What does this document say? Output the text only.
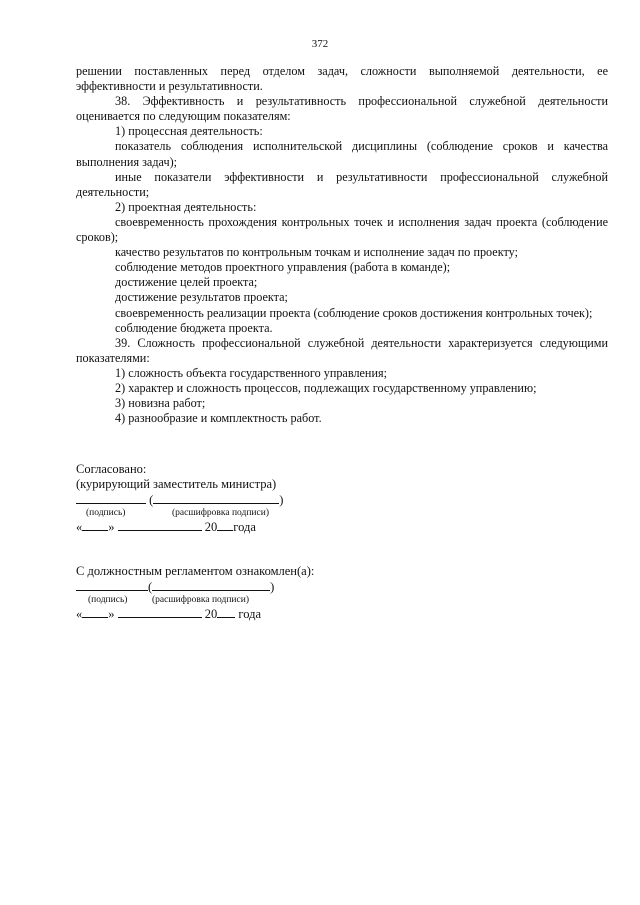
372

решении поставленных перед отделом задач, сложности выполняемой деятельности, ее эффективности и результативности.

38. Эффективность и результативность профессиональной служебной деятельности оценивается по следующим показателям:

1) процессная деятельность:

показатель соблюдения исполнительской дисциплины (соблюдение сроков и качества выполнения задач);

иные показатели эффективности и результативности профессиональной служебной деятельности;

2) проектная деятельность:

своевременность прохождения контрольных точек и исполнения задач проекта (соблюдение сроков);

качество результатов по контрольным точкам и исполнение задач по проекту;

соблюдение методов проектного управления (работа в команде);

достижение целей проекта;

достижение результатов проекта;

своевременность реализации проекта (соблюдение сроков достижения контрольных точек);

соблюдение бюджета проекта.

39. Сложность профессиональной служебной деятельности характеризуется следующими показателями:

1) сложность объекта государственного управления;

2) характер и сложность процессов, подлежащих государственному управлению;

3) новизна работ;

4) разнообразие и комплектность работ.

Согласовано:
(курирующий заместитель министра)
(	)
(подпись)	(расшифровка подписи)
« »	20 года
С должностным регламентом ознакомлен(а):
(	)
(подпись)	(расшифровка подписи)
« »	20 года
